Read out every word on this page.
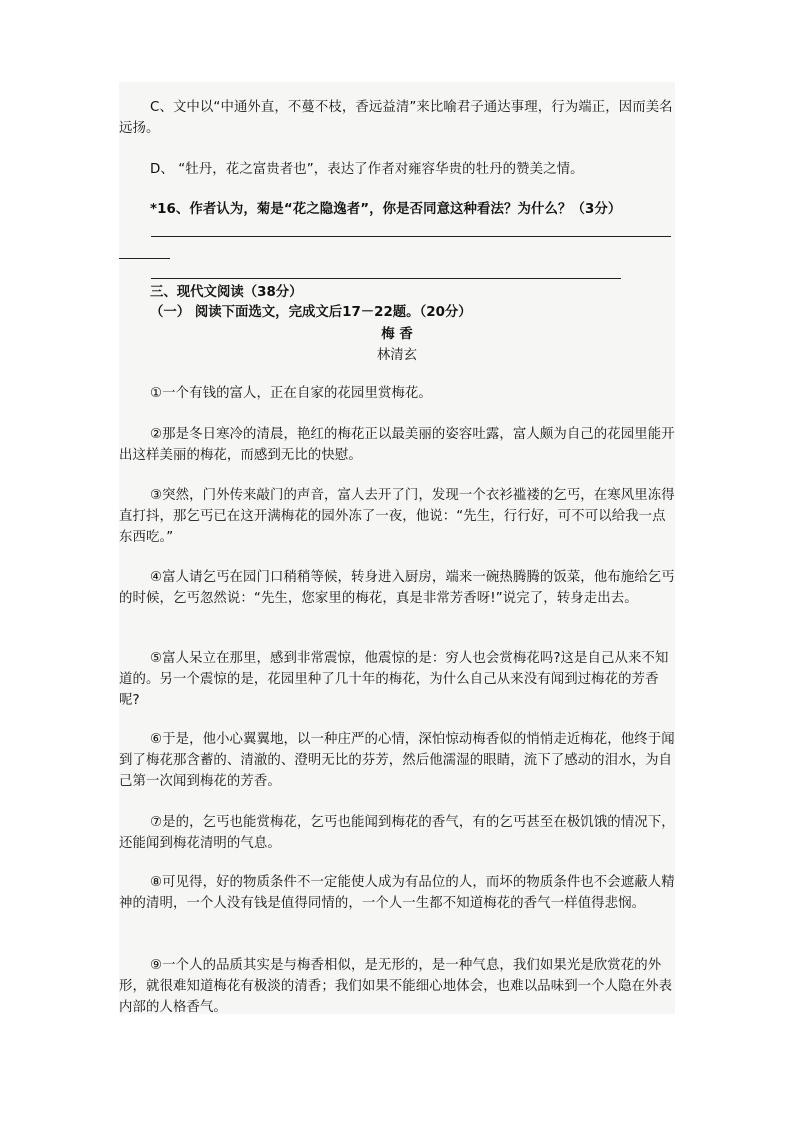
C、文中以“中通外直，不蔓不枝，香远益清”来比喻君子通达事理，行为端正，因而美名远扬。

D、 “牡丹，花之富贵者也”，表达了作者对雍容华贵的牡丹的赞美之情。

*16、作者认为，菊是“花之隐逸者”，你是否同意这种看法？为什么？（3分）

三、现代文阅读（38分）
（一） 阅读下面选文，完成文后17－22题。（20分）
梅 香
林清玄

①一个有钱的富人，正在自家的花园里赏梅花。

②那是冬日寒冷的清晨，艳红的梅花正以最美丽的姿容吐露，富人颇为自己的花园里能开出这样美丽的梅花，而感到无比的快慰。

③突然，门外传来敲门的声音，富人去开了门，发现一个衣衫褴褛的乞丐，在寒风里冻得直打抖，那乞丐已在这开满梅花的园外冻了一夜，他说：“先生，行行好，可不可以给我一点东西吃。”

④富人请乞丐在园门口稍稍等候，转身进入厨房，端来一碗热腾腾的饭菜，他布施给乞丐的时候，乞丐忽然说：“先生，您家里的梅花，真是非常芳香呀!”说完了，转身走出去。

⑤富人呆立在那里，感到非常震惊，他震惊的是：穷人也会赏梅花吗?这是自己从来不知道的。另一个震惊的是，花园里种了几十年的梅花，为什么自己从来没有闻到过梅花的芳香呢?

⑥于是，他小心翼翼地，以一种庄严的心情，深怕惊动梅香似的悄悄走近梅花，他终于闻到了梅花那含蓄的、清澈的、澄明无比的芬芳，然后他濡湿的眼睛，流下了感动的泪水，为自己第一次闻到梅花的芳香。

⑦是的，乞丐也能赏梅花，乞丐也能闻到梅花的香气，有的乞丐甚至在极饥饿的情况下，还能闻到梅花清明的气息。

⑧可见得，好的物质条件不一定能使人成为有品位的人，而坏的物质条件也不会遮蔽人精神的清明，一个人没有钱是值得同情的，一个人一生都不知道梅花的香气一样值得悲悯。

⑨一个人的品质其实是与梅香相似，是无形的，是一种气息，我们如果光是欣赏花的外形，就很难知道梅花有极淡的清香；我们如果不能细心地体会，也难以品味到一个人隐在外表内部的人格香气。
